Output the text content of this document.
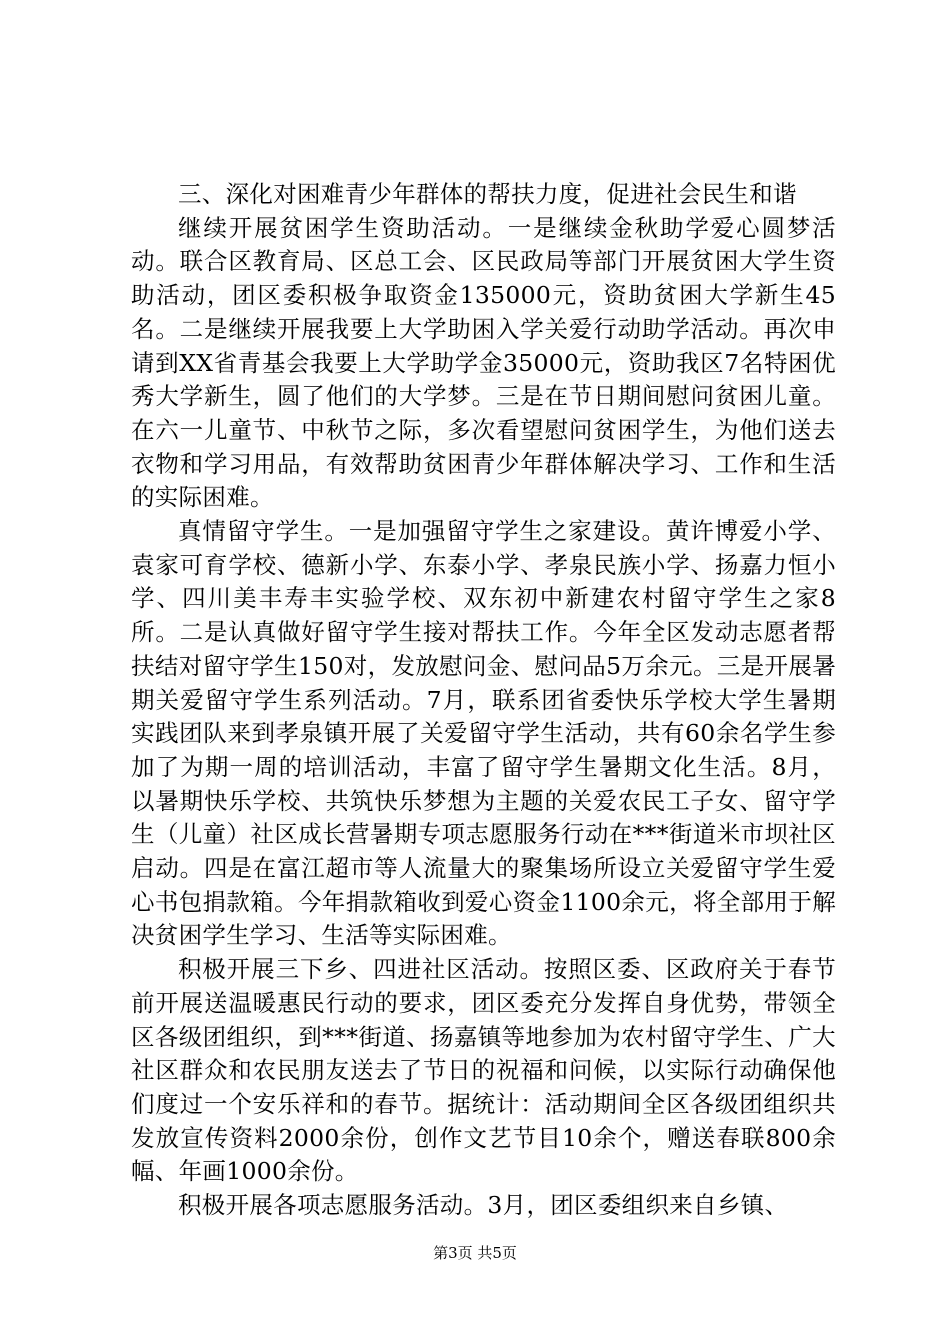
三、深化对困难青少年群体的帮扶力度，促进社会民生和谐

继续开展贫困学生资助活动。一是继续金秋助学爱心圆梦活动。联合区教育局、区总工会、区民政局等部门开展贫困大学生资助活动，团区委积极争取资金135000元，资助贫困大学新生45名。二是继续开展我要上大学助困入学关爱行动助学活动。再次申请到XX省青基会我要上大学助学金35000元，资助我区7名特困优秀大学新生，圆了他们的大学梦。三是在节日期间慰问贫困儿童。在六一儿童节、中秋节之际，多次看望慰问贫困学生，为他们送去衣物和学习用品，有效帮助贫困青少年群体解决学习、工作和生活的实际困难。

真情留守学生。一是加强留守学生之家建设。黄许博爱小学、袁家可育学校、德新小学、东泰小学、孝泉民族小学、扬嘉力恒小学、四川美丰寿丰实验学校、双东初中新建农村留守学生之家8所。二是认真做好留守学生接对帮扶工作。今年全区发动志愿者帮扶结对留守学生150对，发放慰问金、慰问品5万余元。三是开展暑期关爱留守学生系列活动。7月，联系团省委快乐学校大学生暑期实践团队来到孝泉镇开展了关爱留守学生活动，共有60余名学生参加了为期一周的培训活动，丰富了留守学生暑期文化生活。8月，以暑期快乐学校、共筑快乐梦想为主题的关爱农民工子女、留守学生（儿童）社区成长营暑期专项志愿服务行动在***街道米市坝社区启动。四是在富江超市等人流量大的聚集场所设立关爱留守学生爱心书包捐款箱。今年捐款箱收到爱心资金1100余元，将全部用于解决贫困学生学习、生活等实际困难。

积极开展三下乡、四进社区活动。按照区委、区政府关于春节前开展送温暖惠民行动的要求，团区委充分发挥自身优势，带领全区各级团组织，到***街道、扬嘉镇等地参加为农村留守学生、广大社区群众和农民朋友送去了节日的祝福和问候，以实际行动确保他们度过一个安乐祥和的春节。据统计：活动期间全区各级团组织共发放宣传资料2000余份，创作文艺节目10余个，赠送春联800余幅、年画1000余份。

积极开展各项志愿服务活动。3月，团区委组织来自乡镇、

第3页 共5页
